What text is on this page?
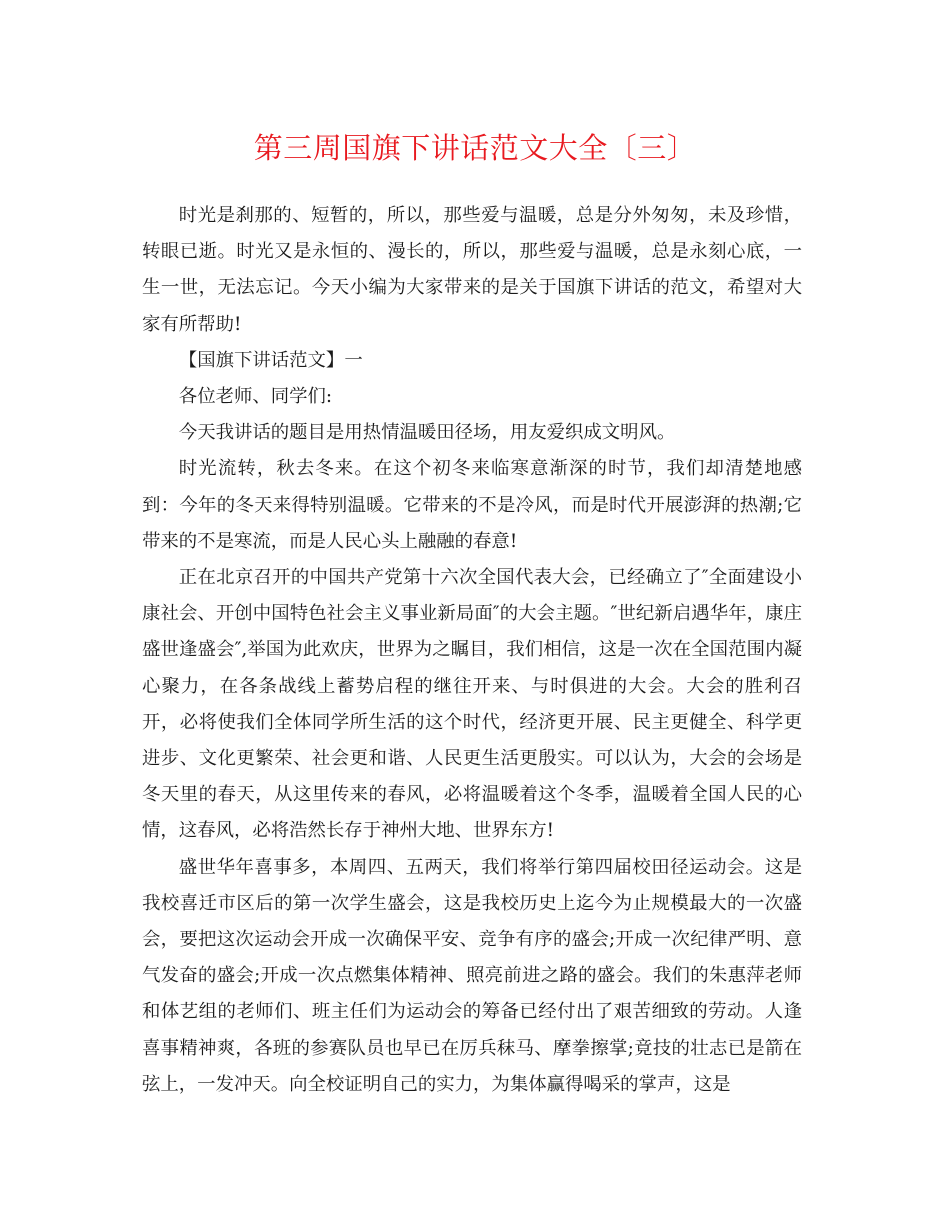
第三周国旗下讲话范文大全〔三〕

时光是刹那的、短暂的，所以，那些爱与温暖，总是分外匆匆，未及珍惜，转眼已逝。时光又是永恒的、漫长的，所以，那些爱与温暖，总是永刻心底，一生一世，无法忘记。今天小编为大家带来的是关于国旗下讲话的范文，希望对大家有所帮助!

【国旗下讲话范文】一

各位老师、同学们:

今天我讲话的题目是用热情温暖田径场，用友爱织成文明风。

时光流转，秋去冬来。在这个初冬来临寒意渐深的时节，我们却清楚地感到：今年的冬天来得特别温暖。它带来的不是冷风，而是时代开展澎湃的热潮;它带来的不是寒流，而是人民心头上融融的春意!

正在北京召开的中国共产党第十六次全国代表大会，已经确立了″全面建设小康社会、开创中国特色社会主义事业新局面″的大会主题。″世纪新启遇华年，康庄盛世逢盛会″,举国为此欢庆，世界为之瞩目，我们相信，这是一次在全国范围内凝心聚力，在各条战线上蓄势启程的继往开来、与时俱进的大会。大会的胜利召开，必将使我们全体同学所生活的这个时代，经济更开展、民主更健全、科学更进步、文化更繁荣、社会更和谐、人民更生活更殷实。可以认为，大会的会场是冬天里的春天，从这里传来的春风，必将温暖着这个冬季，温暖着全国人民的心情，这春风，必将浩然长存于神州大地、世界东方!

盛世华年喜事多，本周四、五两天，我们将举行第四届校田径运动会。这是我校喜迁市区后的第一次学生盛会，这是我校历史上迄今为止规模最大的一次盛会，要把这次运动会开成一次确保平安、竞争有序的盛会;开成一次纪律严明、意气发奋的盛会;开成一次点燃集体精神、照亮前进之路的盛会。我们的朱惠萍老师和体艺组的老师们、班主任们为运动会的筹备已经付出了艰苦细致的劳动。人逢喜事精神爽，各班的参赛队员也早已在厉兵秣马、摩拳擦掌;竟技的壮志已是箭在弦上，一发冲天。向全校证明自己的实力，为集体赢得喝采的掌声，这是
